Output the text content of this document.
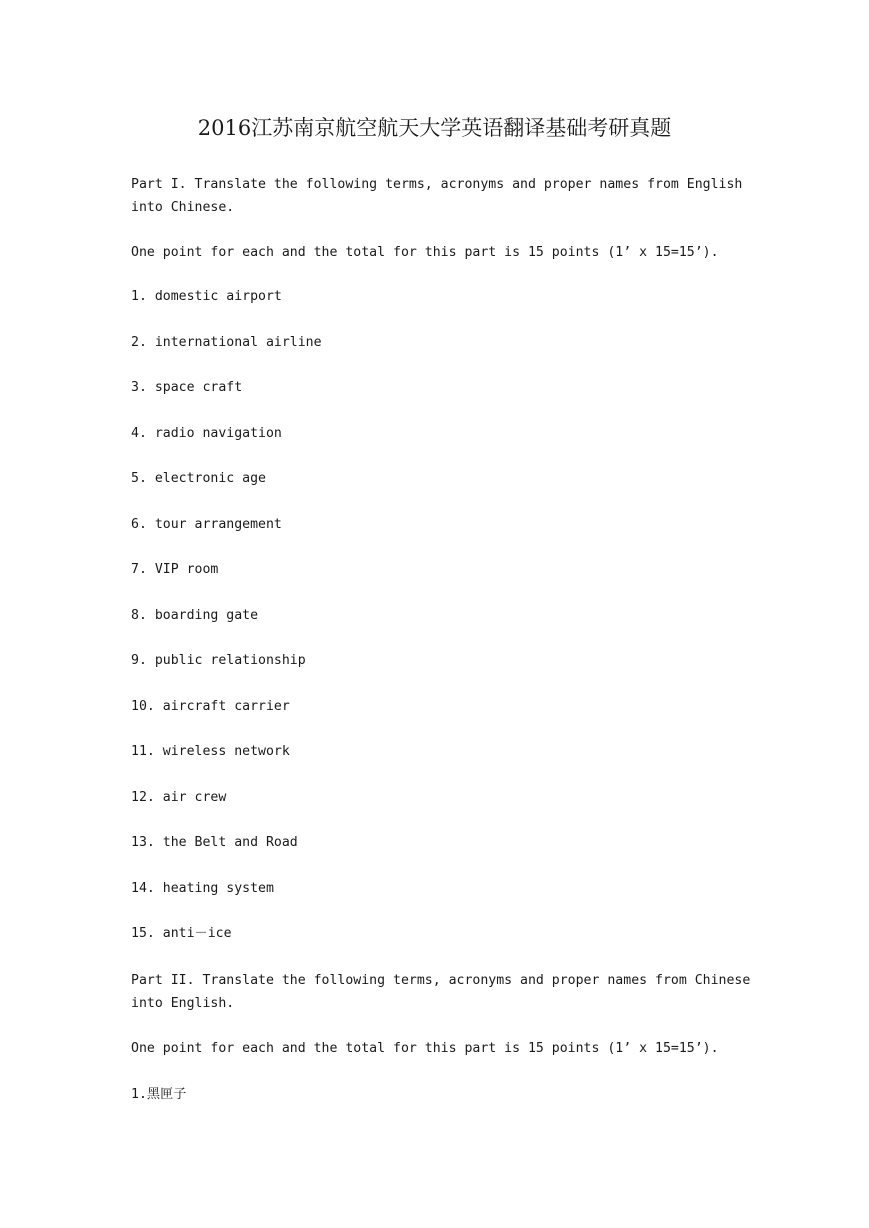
2016江苏南京航空航天大学英语翻译基础考研真题

Part I. Translate the following terms, acronyms and proper names from English into Chinese.

One point for each and the total for this part is 15 points (1’ x 15=15’).

1. domestic airport
2. international airline
3. space craft
4. radio navigation
5. electronic age
6. tour arrangement
7. VIP room
8. boarding gate
9. public relationship
10. aircraft carrier
11. wireless network
12. air crew
13. the Belt and Road
14. heating system
15. anti－ice

Part II. Translate the following terms, acronyms and proper names from Chinese into English.

One point for each and the total for this part is 15 points (1’ x 15=15’).

1.黑匣子
